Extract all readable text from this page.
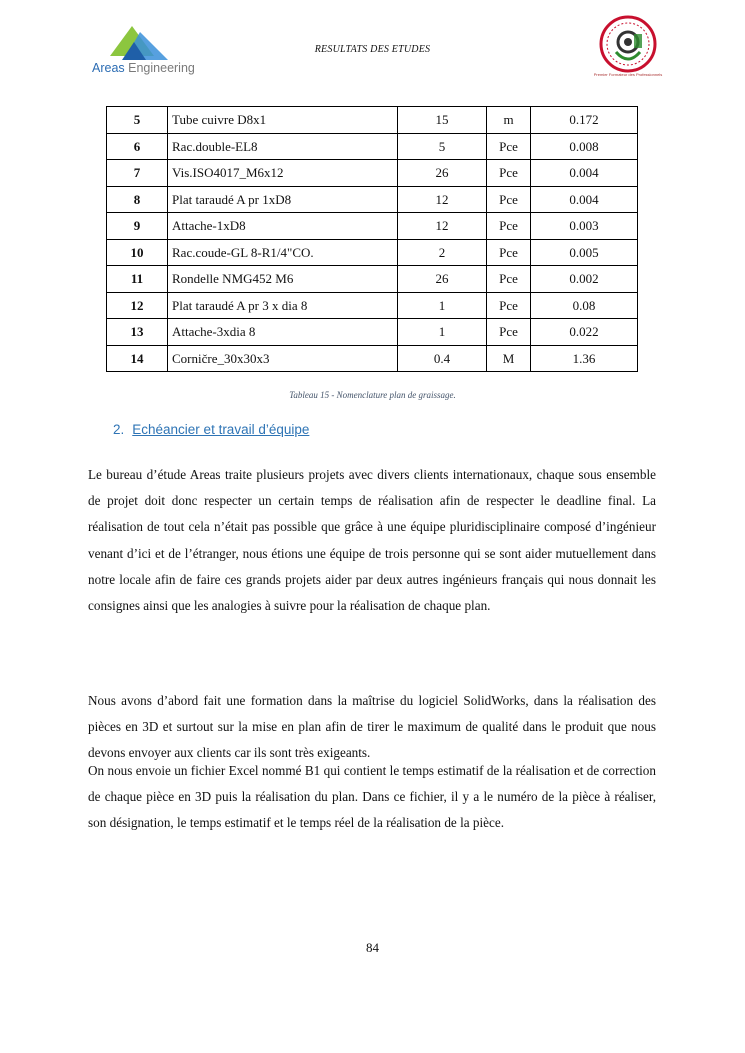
Areas Engineering
RESULTATS DES ETUDES
Premier Formateur des Professionnels
5	Tube cuivre D8x1	15	m	0.172
6	Rac.double-EL8	5	Pce	0.008
7	Vis.ISO4017_M6x12	26	Pce	0.004
8	Plat taraudé A pr 1xD8	12	Pce	0.004
9	Attache-1xD8	12	Pce	0.003
10	Rac.coude-GL 8-R1/4"CO.	2	Pce	0.005
11	Rondelle NMG452 M6	26	Pce	0.002
12	Plat taraudé A pr 3 x dia 8	1	Pce	0.08
13	Attache-3xdia 8	1	Pce	0.022
14	Corničre_30x30x3	0.4	M	1.36
Tableau 15 - Nomenclature plan de graissage.
2. Echéancier et travail d’équipe

Le bureau d’étude Areas traite plusieurs projets avec divers clients internationaux, chaque sous ensemble de projet doit donc respecter un certain temps de réalisation afin de respecter le deadline final. La réalisation de tout cela n’était pas possible que grâce à une équipe pluridisciplinaire composé d’ingénieur venant d’ici et de l’étranger, nous étions une équipe de trois personne qui se sont aider mutuellement dans notre locale afin de faire ces grands projets aider par deux autres ingénieurs français qui nous donnait les consignes ainsi que les analogies à suivre pour la réalisation de chaque plan.

Nous avons d’abord fait une formation dans la maîtrise du logiciel SolidWorks, dans la réalisation des pièces en 3D et surtout sur la mise en plan afin de tirer le maximum de qualité dans le produit que nous devons envoyer aux clients car ils sont très exigeants.

On nous envoie un fichier Excel nommé B1 qui contient le temps estimatif de la réalisation et de correction de chaque pièce en 3D puis la réalisation du plan. Dans ce fichier, il y a le numéro de la pièce à réaliser, son désignation, le temps estimatif et le temps réel de la réalisation de la pièce.

84
